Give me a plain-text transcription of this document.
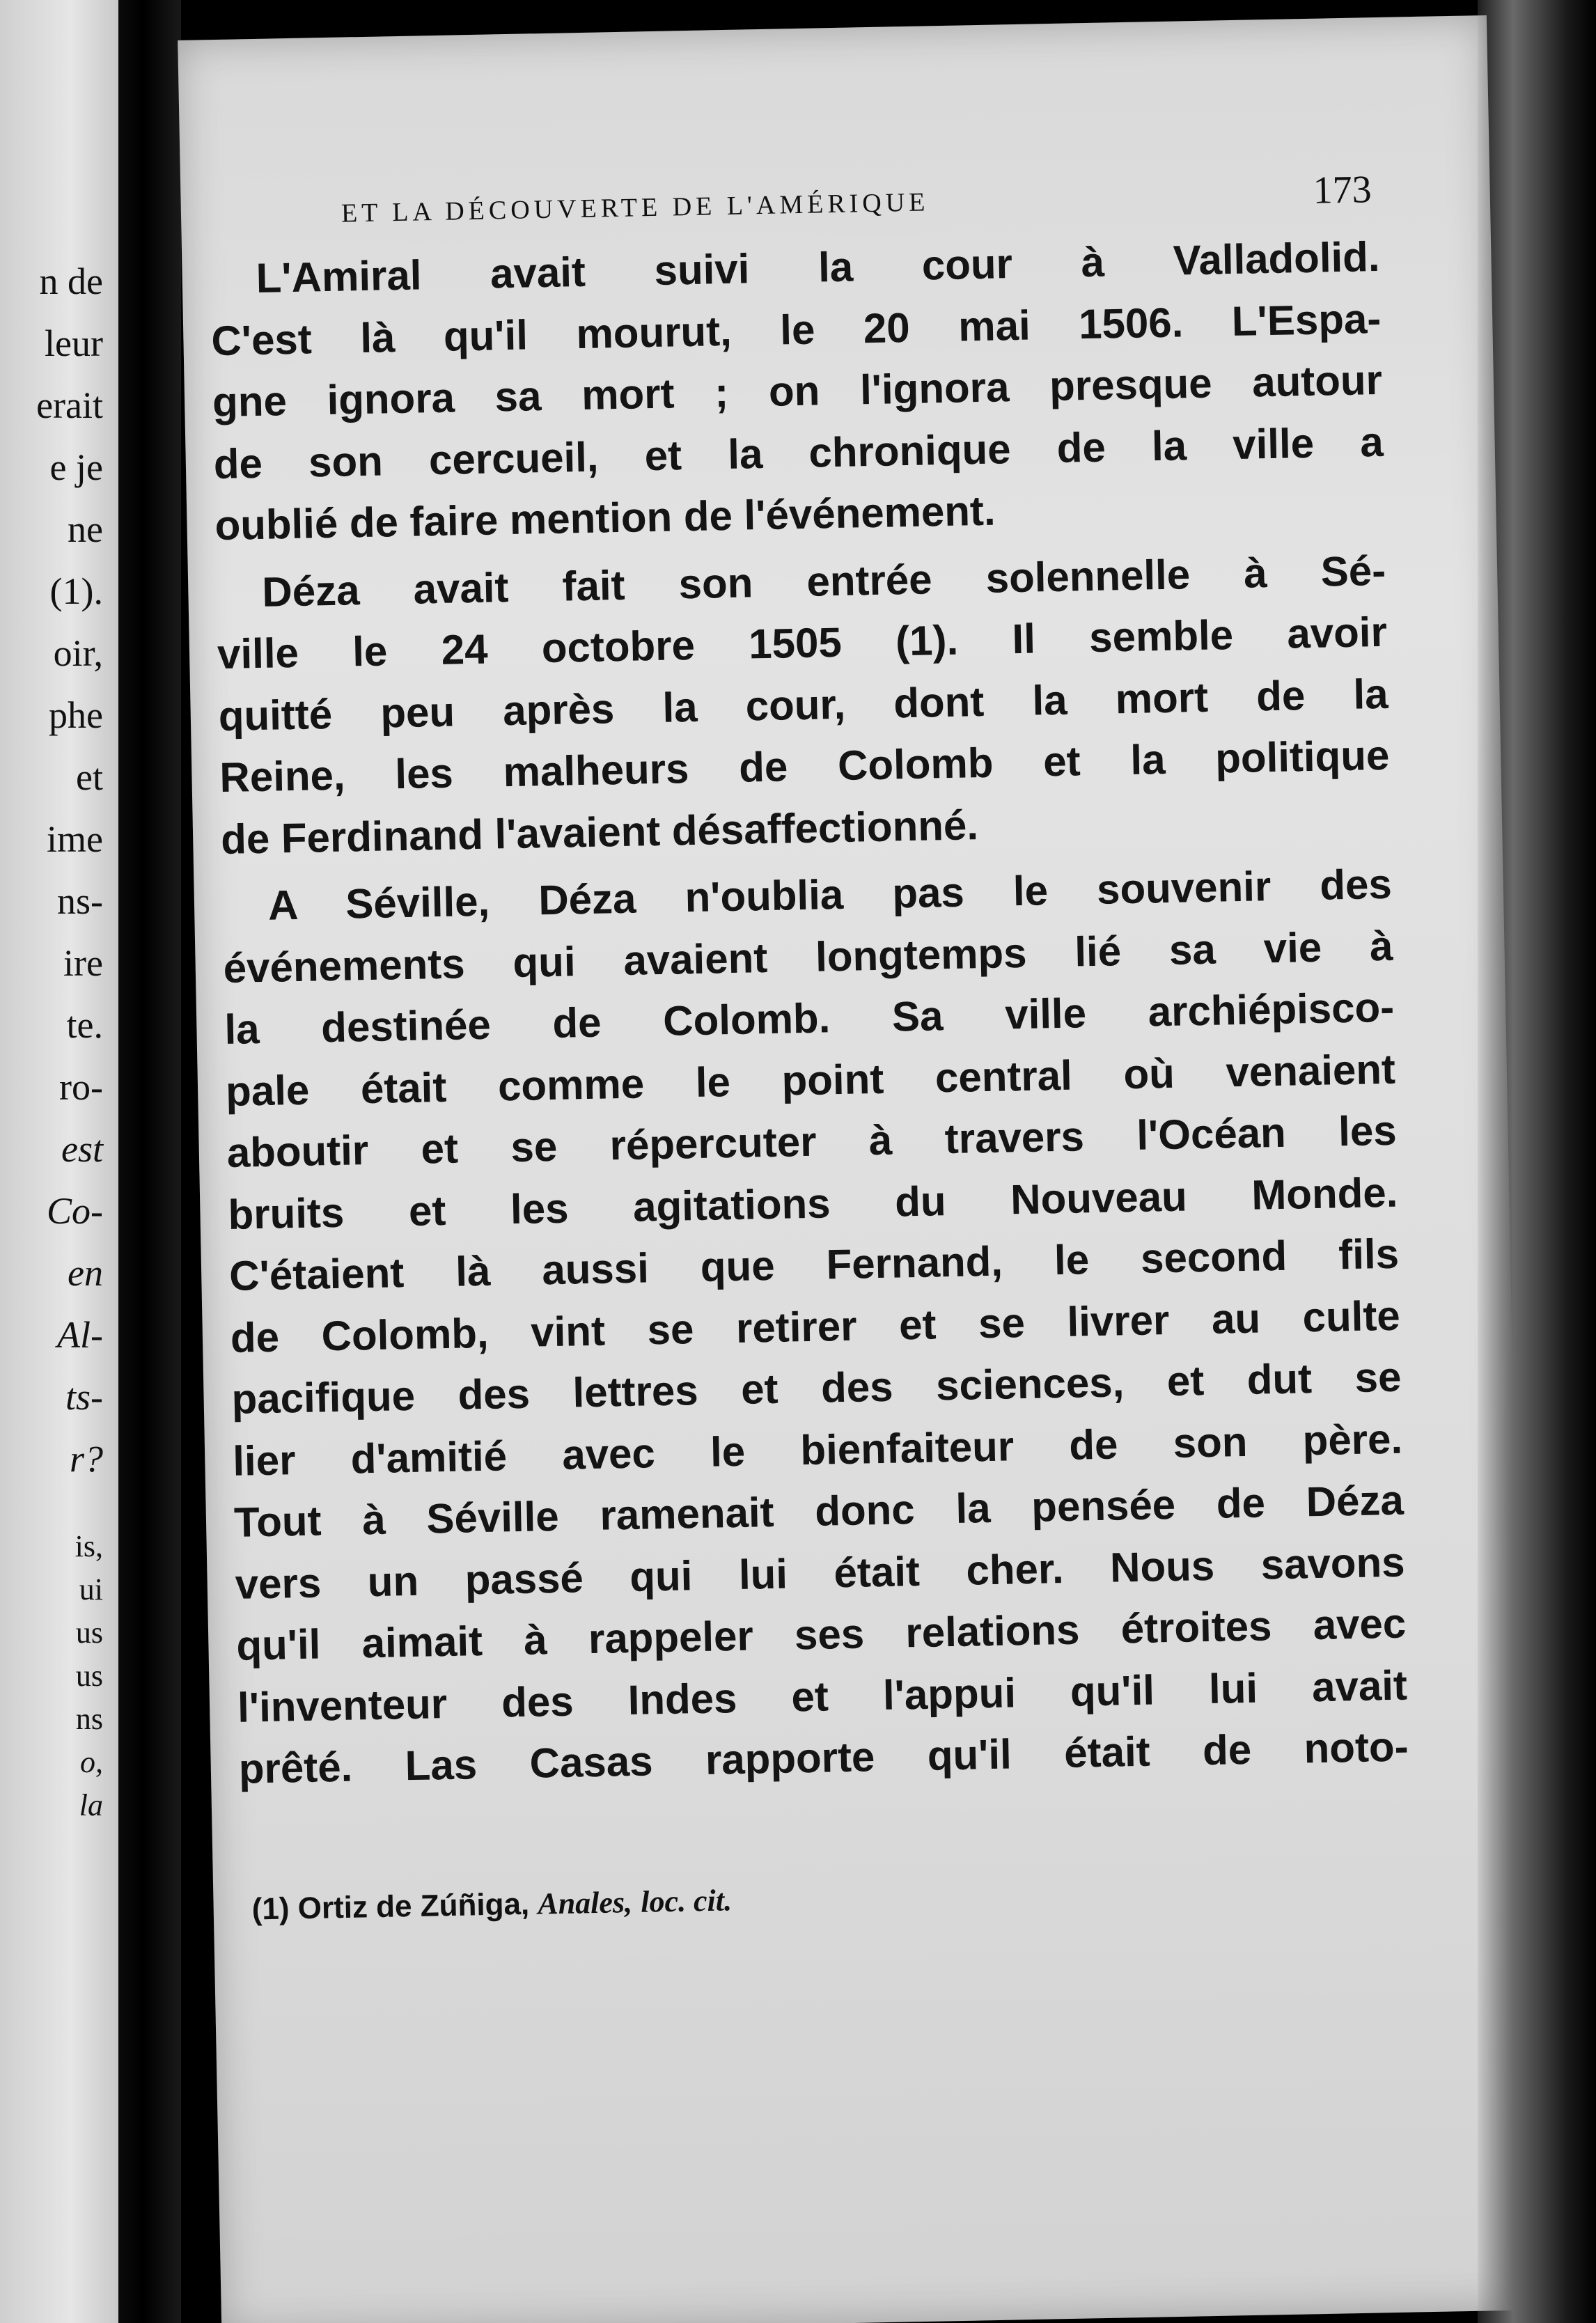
n de
leur
erait
e je
ne
(1).
oir,
phe
et
ime
ns-
ire
te.
ro-
est
Co-
en
Al-
ts-
r?
is,
ui
us
us
ns
o,
la
ET LA DÉCOUVERTE DE L'AMÉRIQUE	173
L'Amiral avait suivi la cour à Valladolid.
C'est là qu'il mourut, le 20 mai 1506. L'Espa-
gne ignora sa mort ; on l'ignora presque autour
de son cercueil, et la chronique de la ville a
oublié de faire mention de l'événement.
Déza avait fait son entrée solennelle à Sé-
ville le 24 octobre 1505 (1). Il semble avoir
quitté peu après la cour, dont la mort de la
Reine, les malheurs de Colomb et la politique
de Ferdinand l'avaient désaffectionné.
A Séville, Déza n'oublia pas le souvenir des
événements qui avaient longtemps lié sa vie à
la destinée de Colomb. Sa ville archiépisco-
pale était comme le point central où venaient
aboutir et se répercuter à travers l'Océan les
bruits et les agitations du Nouveau Monde.
C'étaient là aussi que Fernand, le second fils
de Colomb, vint se retirer et se livrer au culte
pacifique des lettres et des sciences, et dut se
lier d'amitié avec le bienfaiteur de son père.
Tout à Séville ramenait donc la pensée de Déza
vers un passé qui lui était cher. Nous savons
qu'il aimait à rappeler ses relations étroites avec
l'inventeur des Indes et l'appui qu'il lui avait
prêté. Las Casas rapporte qu'il était de noto-
(1) Ortiz de Zúñiga, Anales, loc. cit.
